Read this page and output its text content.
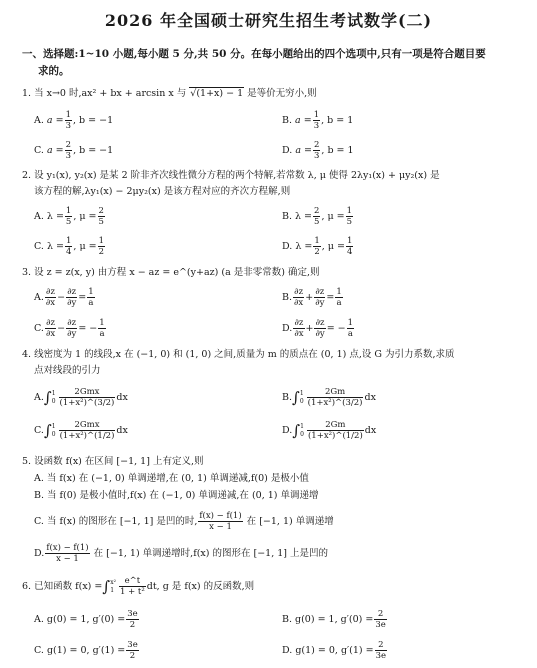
2026 年全国硕士研究生招生考试数学(二)
一、选择题:1~10 小题,每小题 5 分,共 50 分。在每小题给出的四个选项中,只有一项是符合题目要
求的。
1. 当 x→0 时,ax² + bx + arcsin x 与 √(1+x) − 1 是等价无穷小,则
A. $a = \frac{1}{3}$ , b = −1	B. $a = \frac{1}{3}$ , b = 1
C. $a = \frac{2}{3}$ , b = −1	D. $a = \frac{2}{3}$ , b = 1
2. 设 y₁(x), y₂(x) 是某 2 阶非齐次线性微分方程的两个特解,若常数 λ, μ 使得 2λy₁(x) + μy₂(x) 是
该方程的解,λy₁(x) − 2μy₂(x) 是该方程对应的齐次方程解,则
A. $\lambda = \frac{1}{5}$ , $\mu = \frac{2}{5}$	B. $\lambda = \frac{2}{5}$ , $\mu = \frac{1}{5}$
C. $\lambda = \frac{1}{4}$ , $\mu = \frac{1}{2}$	D. $\lambda = \frac{1}{2}$ , $\mu = \frac{1}{4}$
3. 设 z = z(x, y) 由方程 x − az = e^(y+az) (a 是非零常数) 确定,则
A. $\frac{\partial z}{\partial x} - \frac{\partial z}{\partial y} = \frac{1}{a}$	B. $\frac{\partial z}{\partial x} + \frac{\partial z}{\partial y} = \frac{1}{a}$
C. $\frac{\partial z}{\partial x} - \frac{\partial z}{\partial y}$ = − $\frac{1}{a}$	D. $\frac{\partial z}{\partial x} + \frac{\partial z}{\partial y}$ = − $\frac{1}{a}$
4. 线密度为 1 的线段,x 在 (−1, 0) 和 (1, 0) 之间,质量为 m 的质点在 (0, 1) 点,设 G 为引力系数,求质
点对线段的引力
A.∫ 1
$0 \frac{\text{2Gmx}}{\text{(1+x²)\textasciicircum{}(3/2)}}$ dx	B.∫ 1
$0 \frac{2Gm}{\text{(1+x²)\textasciicircum{}(3/2)}}$ dx
C.∫ 1
$0 \frac{\text{2Gmx}}{\text{(1+x²)\textasciicircum{}(1/2)}}$ dx	D.∫ 1
$0 \frac{2Gm}{\text{(1+x²)\textasciicircum{}(1/2)}}$ dx
5. 设函数 f(x) 在区间 [−1, 1] 上有定义,则
A. 当 f(x) 在 (−1, 0) 单调递增,在 (0, 1) 单调递减,f(0) 是极小值
B. 当 f(0) 是极小值时,f(x) 在 (−1, 0) 单调递减,在 (0, 1) 单调递增
C. 当 f(x) 的图形在 [−1, 1] 是凹的时, $\frac{f(x) - f(1)}{x - 1}$ 在 [−1, 1) 单调递增
D. $\frac{f(x) - f(1)}{x - 1}$ 在 [−1, 1) 单调递增时,f(x) 的图形在 [−1, 1] 上是凹的
6. 已知函数 f(x) =∫ x²
$1 \frac{e\^{}t}{\text{1 + t²}}$ dt, g 是 f(x) 的反函数,则
A. g(0) = 1, $g'(0) = \frac{3e}{2}$	B. g(0) = 1, $g'(0) = \frac{2}{3e}$
C. g(1) = 0, $g'(1) = \frac{3e}{2}$	D. g(1) = 0, $g'(1) = \frac{2}{3e}$
